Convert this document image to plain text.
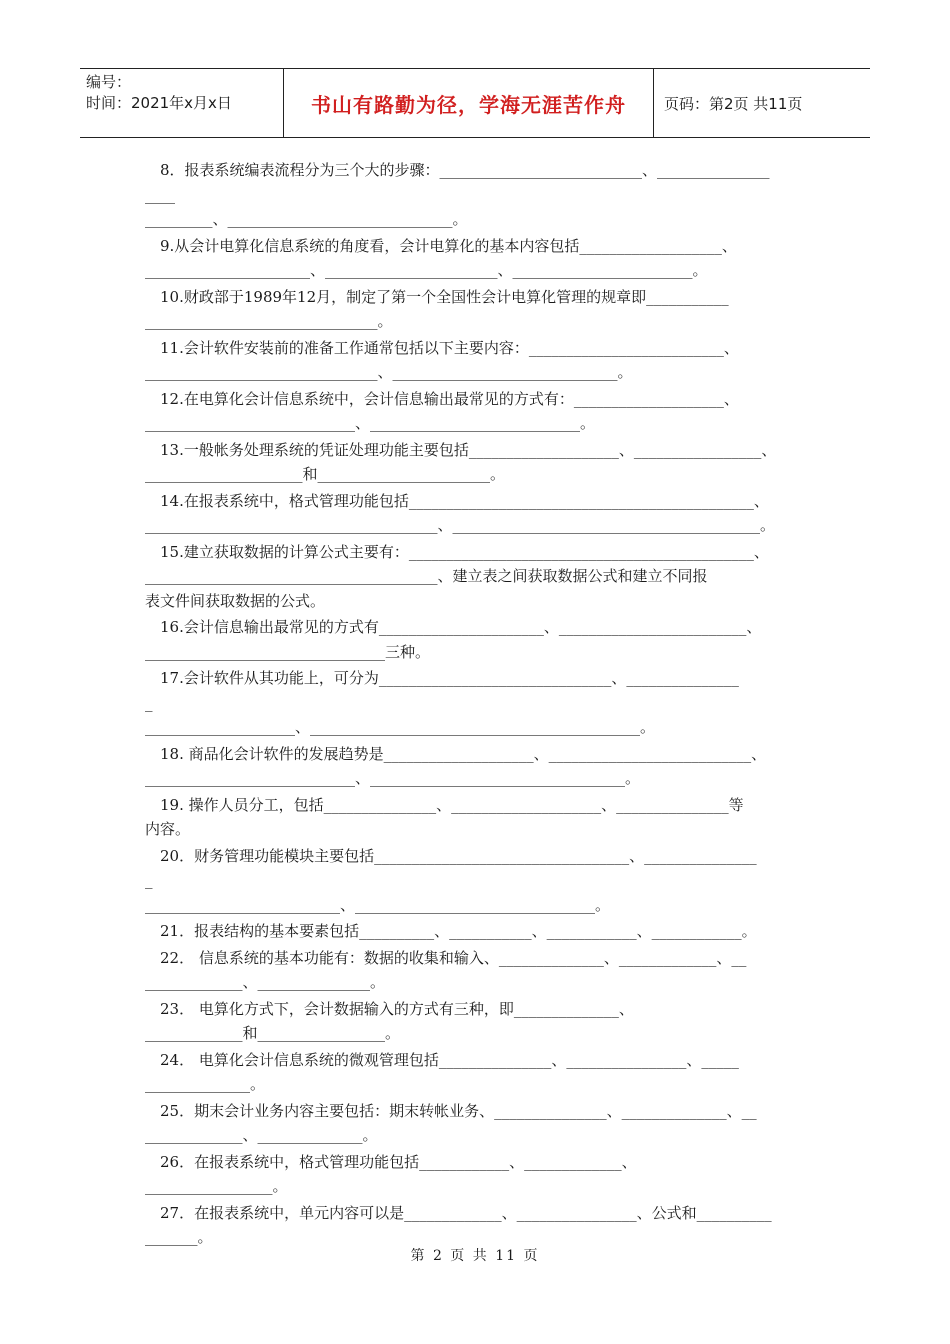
编号：
时间：2021年x月x日	书山有路勤为径，学海无涯苦作舟	页码：第2页 共11页

8．报表系统编表流程分为三个大的步骤：___________________________、_______________

____

_________、______________________________。

9.从会计电算化信息系统的角度看，会计电算化的基本内容包括___________________、

______________________、_______________________、________________________。

10.财政部于1989年12月，制定了第一个全国性会计电算化管理的规章即___________

_______________________________。

11.会计软件安装前的准备工作通常包括以下主要内容：__________________________、

_______________________________、______________________________。

12.在电算化会计信息系统中，会计信息输出最常见的方式有：____________________、

____________________________、____________________________。

13.一般帐务处理系统的凭证处理功能主要包括____________________、_________________、

_____________________和_______________________。

14.在报表系统中，格式管理功能包括______________________________________________、

_______________________________________、_________________________________________。

15.建立获取数据的计算公式主要有：______________________________________________、

_______________________________________、建立表之间获取数据公式和建立不同报

表文件间获取数据的公式。

16.会计信息输出最常见的方式有______________________、_________________________、

________________________________三种。

17.会计软件从其功能上，可分为_______________________________、_______________

_

____________________、____________________________________________。

18. 商品化会计软件的发展趋势是____________________、___________________________、

____________________________、__________________________________。

19. 操作人员分工，包括_______________、____________________、_______________等

内容。

20．财务管理功能模块主要包括__________________________________、_______________

_

__________________________、________________________________。

21．报表结构的基本要素包括__________、___________、____________、____________。

22． 信息系统的基本功能有：数据的收集和输入、______________、_____________、__

_____________、_______________。

23． 电算化方式下，会计数据输入的方式有三种，即______________、

_____________和_________________。

24． 电算化会计信息系统的微观管理包括_______________、________________、_____

______________。

25．期末会计业务内容主要包括：期末转帐业务、_______________、______________、__

_____________、______________。

26．在报表系统中，格式管理功能包括____________、_____________、

_________________。

27．在报表系统中，单元内容可以是_____________、________________、公式和__________

_______。

第 2 页 共 11 页
